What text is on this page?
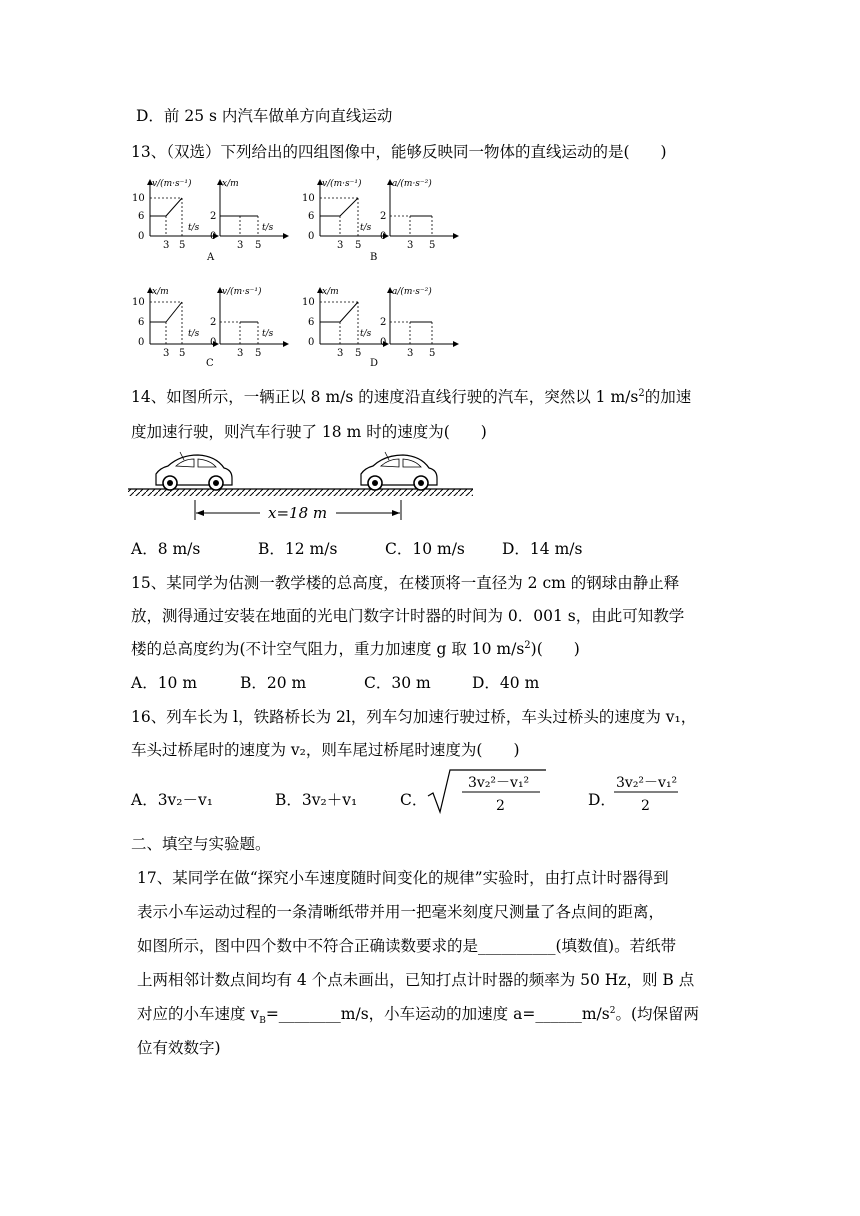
D．前 25 s 内汽车做单方向直线运动
13、（双选）下列给出的四组图像中，能够反映同一物体的直线运动的是(　　)
v/(m·s⁻¹)
10
6
0
t/s
3 5
x/m
2
0
t/s
3 5
A
v/(m·s⁻¹)
10
6
0
t/s
3 5
a/(m·s⁻²)
2
0
3 5
B
x/m
10
6
0
t/s
3 5
v/(m·s⁻¹)
2
0
t/s
3 5
C
x/m
10
6
0
t/s
3 5
a/(m·s⁻²)
2
0
3 5
D
14、如图所示，一辆正以 8 m/s 的速度沿直线行驶的汽车，突然以 1 $m/s^2$的加速
度加速行驶，则汽车行驶了 18 m 时的速度为(　　)
x=18 m
A．8 m/s	B．12 m/s	C．10 m/s D．14 m/s
15、某同学为估测一教学楼的总高度，在楼顶将一直径为 2 cm 的钢球由静止释
放，测得通过安装在地面的光电门数字计时器的时间为 0．001 s，由此可知教学
楼的总高度约为(不计空气阻力，重力加速度 g 取 10 $m/s^2$)(　　)
A．10 m	B．20 m	C．30 m	D．40 m
16、列车长为 l，铁路桥长为 2l，列车匀加速行驶过桥，车头过桥头的速度为 v₁，
车头过桥尾时的速度为 v₂，则车尾过桥尾时速度为(　　)
A．3v₂－v₁	B．3v₂＋v₁	C．
3v₂²－v₁²
2	D．
3v₂²－v₁²
2
二、填空与实验题。
17、某同学在做“探究小车速度随时间变化的规律”实验时，由打点计时器得到
表示小车运动过程的一条清晰纸带并用一把毫米刻度尺测量了各点间的距离，
如图所示，图中四个数中不符合正确读数要求的是__________(填数值)。若纸带
上两相邻计数点间均有 4 个点未画出，已知打点计时器的频率为 50 Hz，则 B 点
对应的小车速度 $v_B=\_\_\_\_\_\_\_\_m/s$，小车运动的加速度 $a=\_\_\_\_\_\_m/s^2$。(均保留两
位有效数字)
